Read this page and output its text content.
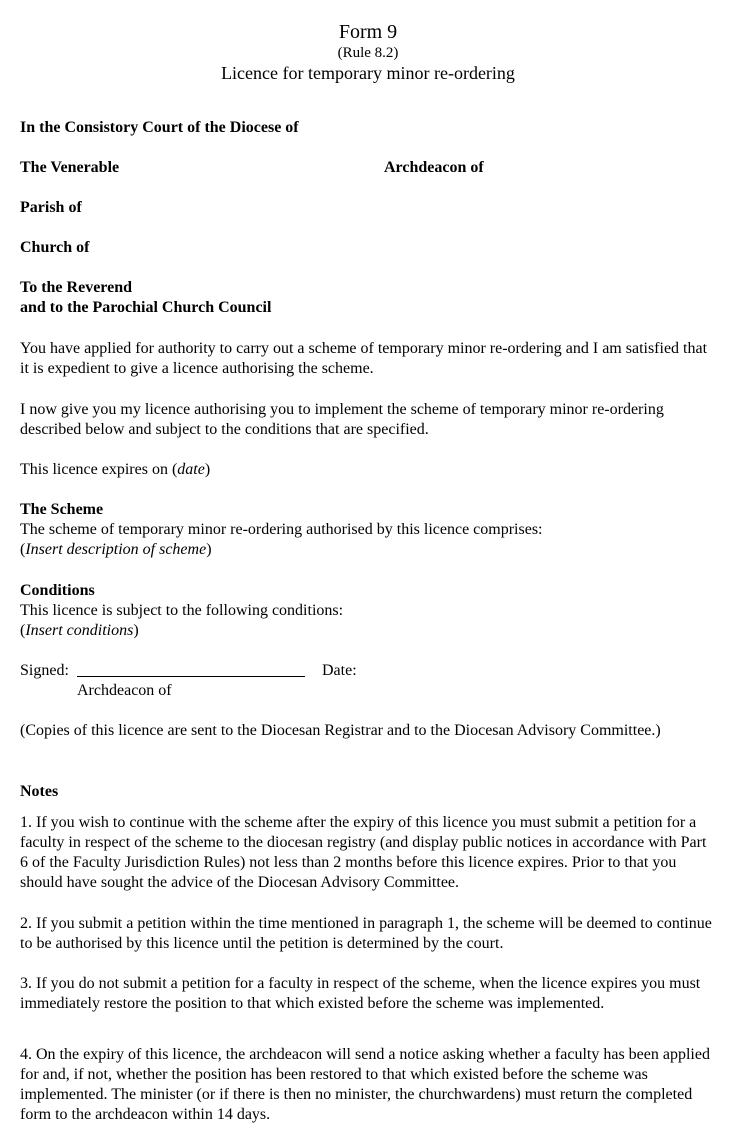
Form 9
(Rule 8.2)
Licence for temporary minor re-ordering
In the Consistory Court of the Diocese of
The Venerable	Archdeacon of
Parish of
Church of
To the Reverend
and to the Parochial Church Council

You have applied for authority to carry out a scheme of temporary minor re-ordering and I am satisfied that it is expedient to give a licence authorising the scheme.

I now give you my licence authorising you to implement the scheme of temporary minor re-ordering described below and subject to the conditions that are specified.

This licence expires on (date)
The Scheme
The scheme of temporary minor re-ordering authorised by this licence comprises:
(Insert description of scheme)
Conditions
This licence is subject to the following conditions:
(Insert conditions)
Signed:	Date:
Archdeacon of

(Copies of this licence are sent to the Diocesan Registrar and to the Diocesan Advisory Committee.)

Notes

1. If you wish to continue with the scheme after the expiry of this licence you must submit a petition for a faculty in respect of the scheme to the diocesan registry (and display public notices in accordance with Part 6 of the Faculty Jurisdiction Rules) not less than 2 months before this licence expires. Prior to that you should have sought the advice of the Diocesan Advisory Committee.

2. If you submit a petition within the time mentioned in paragraph 1, the scheme will be deemed to continue to be authorised by this licence until the petition is determined by the court.

3. If you do not submit a petition for a faculty in respect of the scheme, when the licence expires you must immediately restore the position to that which existed before the scheme was implemented.

4. On the expiry of this licence, the archdeacon will send a notice asking whether a faculty has been applied for and, if not, whether the position has been restored to that which existed before the scheme was implemented. The minister (or if there is then no minister, the churchwardens) must return the completed form to the archdeacon within 14 days.
